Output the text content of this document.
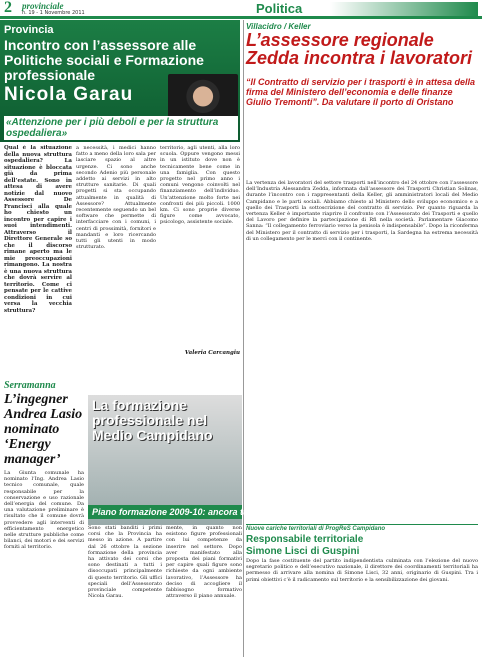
2 provinciale
n. 19 - 1 Novembre 2011	Politica
Provincia
Incontro con l’assessore alle Politiche sociali e Formazione professionale
Nicola Garau
«Attenzione per i più deboli e per la struttura ospedaliera»
Qual è la situazione della nuova struttura ospedaliera? La situazione è bloccata già da prima dell’estate. Sono in attesa di avere notizie dal nuovo Assessore De Francisci alla quale ho chiesto un incontro per capire i suoi intendimenti. Attraverso il Direttore Generale so che il discorso rimane aperto ma le mie preoccupazioni rimangono. La nostra è una nuova struttura che dovrà servire al territorio. Come ci pensate per le cattive condizioni in cui versa la vecchia struttura?
a necessità, i medici hanno fatto a meno della loro sala per lasciare spazio al altre urgenze. Ci sono anche secondo Adenio più personale addetto ai servizi in alto strutture sanitarie. Di quali progetti si sta occupando attualmente in qualità di Assessore? Attualmente recentemente seguendo un bel software che permette di interfacciare con i comuni, i centri di prossimità, fornitori e mandanti e loro ricercando tutti gli utenti in modo strutturato.
territorio, agli utenti, alla loro scuola. Oppure vengono messi in un istituto dove non è tecnicamente bene come in una famiglia. Con questo progetto nel primo anno i comuni vengono coinvolti nel finanziamento dell’individuo. Un’attenzione molto forte nei confronti dei più piccoli. 1000 km. Ci sono proprie diverse figure come avvocato, psicologo, assistente sociale.
Valeria Carcangiu
Villacidro / Keller
L’assessore regionale Zedda incontra i lavoratori
“Il Contratto di servizio per i trasporti è in attesa della firma del Ministero dell’economia e delle finanze Giulio Tremonti”. Da valutare il porto di Oristano
La vertenza dei lavoratori del settore trasporti nell’incontro del 24 ottobre con l’assessore dell’Industria Alessandra Zedda, informata dall’assessore dei Trasporti Christian Solinas, durante l’incontro con i rappresentanti della Keller, gli amministratori locali del Medio Campidano e le parti sociali. Abbiamo chiesto al Ministero dello sviluppo economico e a quello dei Trasporti la sottoscrizione del contratto di servizio. Per quanto riguarda la vertenza Keller è importante riaprire il confronto con l’Assessorato dei Trasporti e quello del Lavoro per definire la partecipazione di Rfi nella società. Parlamentare Giacomo Sanna: “Il collegamento ferroviario verso la penisola è indispensabile”. Dopo la riconferma del Ministero per il contratto di servizio per i trasporti, la Sardegna ha estrema necessità di un collegamento per le merci con il continente.
Serramanna
L’ingegner Andrea Lasio nominato ‘Energy manager’
La Giunta comunale ha nominato l’Ing. Andrea Lasio tecnico comunale, quale responsabile per la conservazione e uso razionale dell’energia del comune. Da una valutazione preliminare è risultato che il comune dovrà provvedere agli interventi di efficientamento energetico nelle strutture pubbliche come bilanci, dei motori e dei servizi forniti al territorio.
La formazione professionale nel Medio Campidano
Piano formazione 2009-10: ancora tutto ferme
Sono stati banditi i primi corsi che la Provincia ha messo in azione. A partire dal 26 ottobre la sezione formazione della provincia ha attivato dei corsi che sono destinati a tutti i disoccupati principalmente di questo territorio. Gli uffici speciali dell’Assessorato provinciale competente Nicola Garau.
mente, in quanto non esistono figure professionali con lui competenze da inserire nel settore. Dopo aver manifestato alla proposta dei piani formativi per capire quali figure sono richieste da ogni ambiente lavorativo, l’Assessore ha deciso di accogliere il fabbisogno formativo attraverso il piano annuale.
Nuove cariche territoriali di ProgReS Campidano
Responsabile territoriale
Simone Lisci di Guspini
Dopo la fase costituente del partito indipendentista culminata con l’elezione del nuovo segretario politico e dell’esecutivo nazionale, il direttore dei coordinamenti territoriali ha permesso di arrivare alla nomina di Simone Lisci, 32 anni, originario di Guspini. Tra i primi obiettivi c’è il radicamento sul territorio e la sensibilizzazione dei giovani.
